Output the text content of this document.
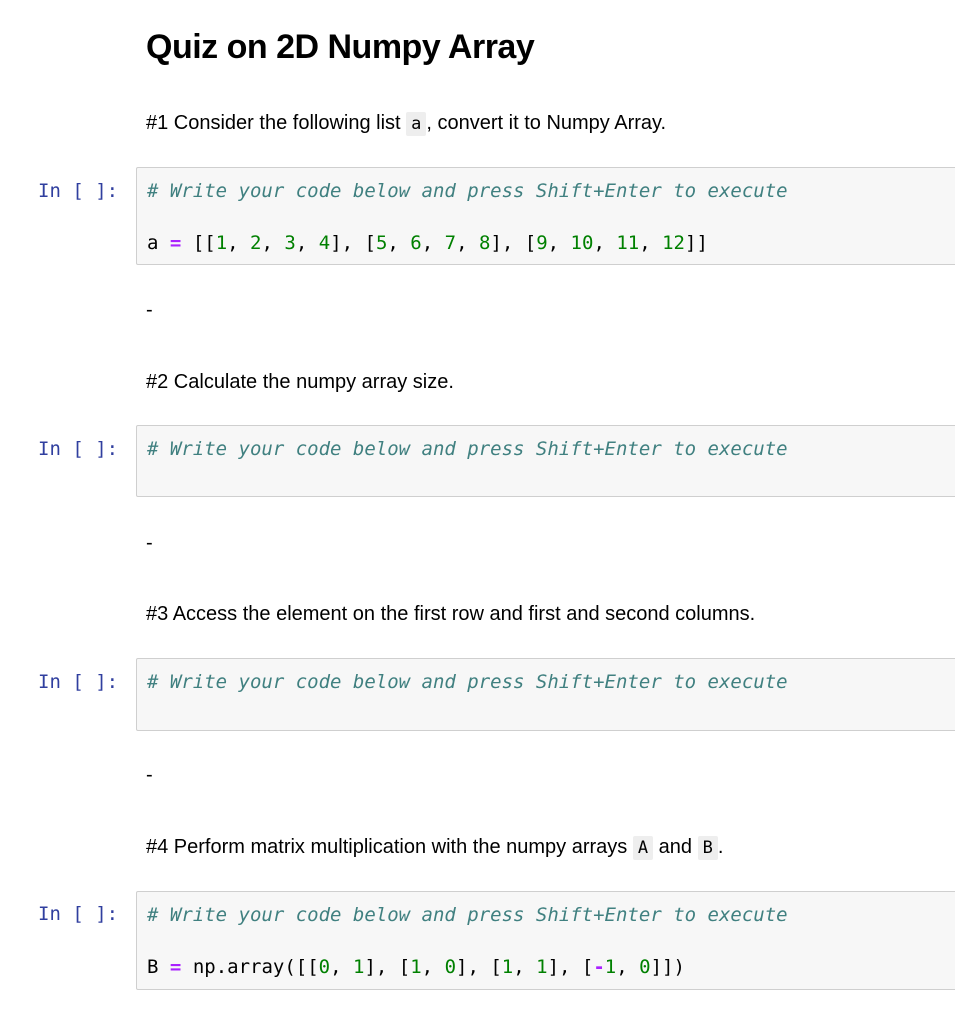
Quiz on 2D Numpy Array
#1 Consider the following list a , convert it to Numpy Array.
In [ ]: # Write your code below and press Shift+Enter to execute
a = [[1, 2, 3, 4], [5, 6, 7, 8], [9, 10, 11, 12]]
-
#2 Calculate the numpy array size.
In [ ]: # Write your code below and press Shift+Enter to execute
-
#3 Access the element on the first row and first and second columns.
In [ ]: # Write your code below and press Shift+Enter to execute
-
#4 Perform matrix multiplication with the numpy arrays A and B .
In [ ]: # Write your code below and press Shift+Enter to execute
B = np.array([[0, 1], [1, 0], [1, 1], [-1, 0]])
